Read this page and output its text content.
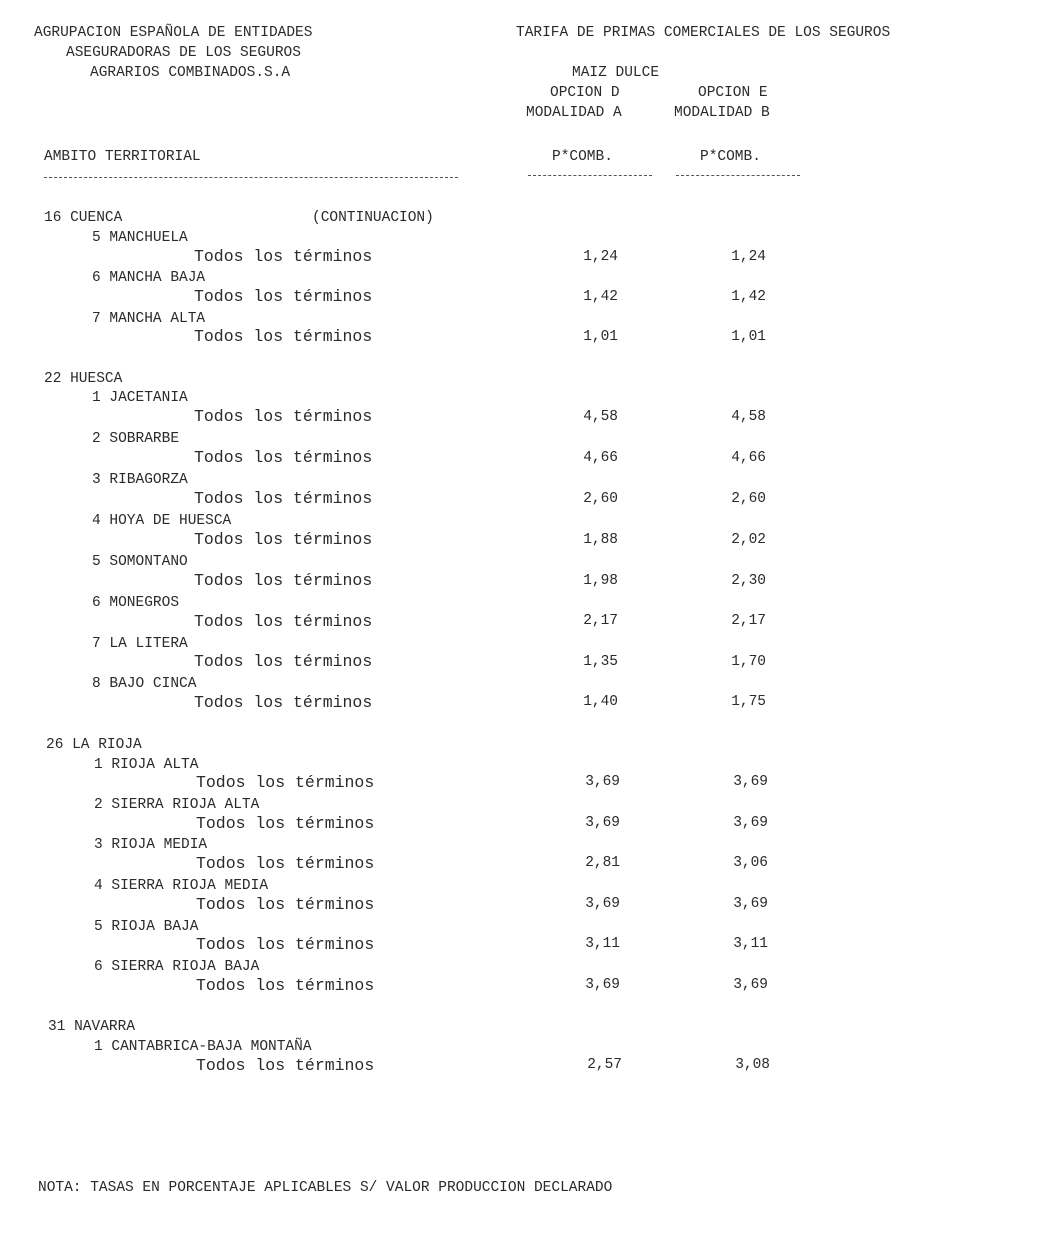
AGRUPACION ESPAÑOLA DE ENTIDADES
ASEGURADORAS DE LOS SEGUROS
AGRARIOS COMBINADOS.S.A
TARIFA DE PRIMAS COMERCIALES DE LOS SEGUROS
MAIZ DULCE
OPCION D	OPCION E
MODALIDAD A	MODALIDAD B
AMBITO TERRITORIAL	P*COMB.	P*COMB.
16 CUENCA	(CONTINUACION)
5 MANCHUELA
Todos los términos	1,24	1,24
6 MANCHA BAJA
Todos los términos	1,42	1,42
7 MANCHA ALTA
Todos los términos	1,01	1,01
22 HUESCA
1 JACETANIA
Todos los términos	4,58	4,58
2 SOBRARBE
Todos los términos	4,66	4,66
3 RIBAGORZA
Todos los términos	2,60	2,60
4 HOYA DE HUESCA
Todos los términos	1,88	2,02
5 SOMONTANO
Todos los términos	1,98	2,30
6 MONEGROS
Todos los términos	2,17	2,17
7 LA LITERA
Todos los términos	1,35	1,70
8 BAJO CINCA
Todos los términos	1,40	1,75
26 LA RIOJA
1 RIOJA ALTA
Todos los términos	3,69	3,69
2 SIERRA RIOJA ALTA
Todos los términos	3,69	3,69
3 RIOJA MEDIA
Todos los términos	2,81	3,06
4 SIERRA RIOJA MEDIA
Todos los términos	3,69	3,69
5 RIOJA BAJA
Todos los términos	3,11	3,11
6 SIERRA RIOJA BAJA
Todos los términos	3,69	3,69
31 NAVARRA
1 CANTABRICA-BAJA MONTAÑA
Todos los términos	2,57	3,08
NOTA: TASAS EN PORCENTAJE APLICABLES S/ VALOR PRODUCCION DECLARADO
